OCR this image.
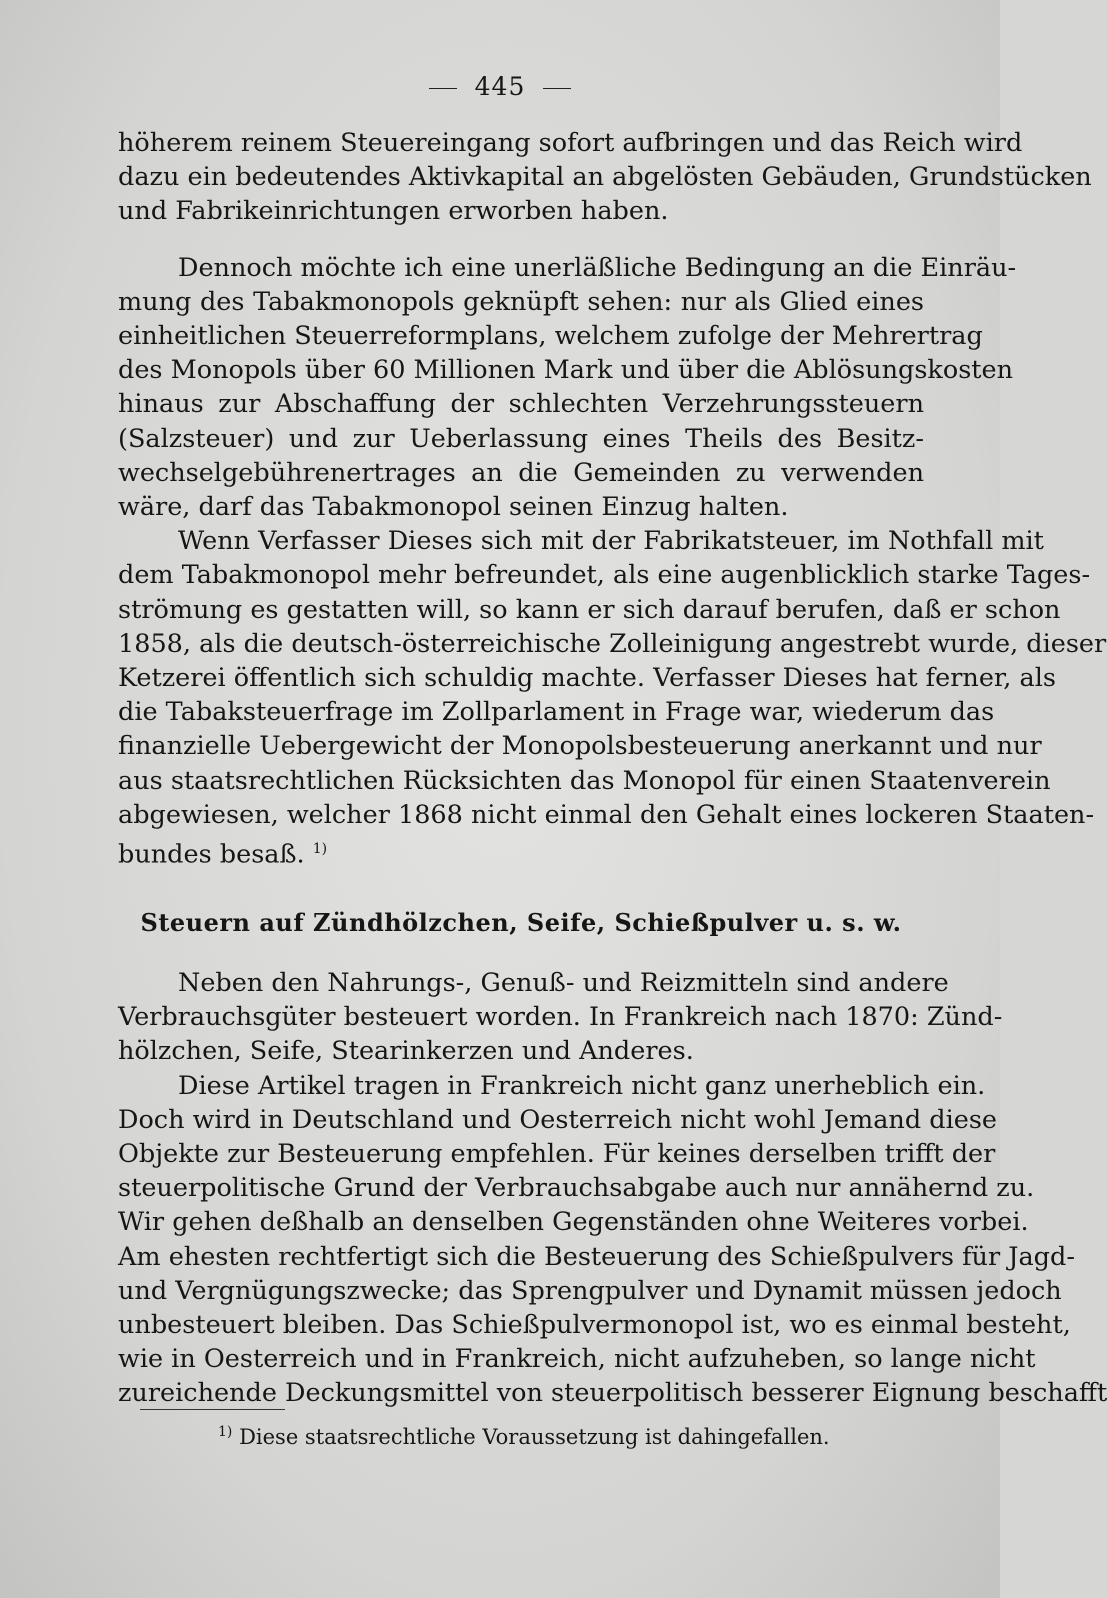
445

höherem reinem Steuereingang sofort aufbringen und das Reich wird
dazu ein bedeutendes Aktivkapital an abgelösten Gebäuden, Grundstücken
und Fabrikeinrichtungen erworben haben.

Dennoch möchte ich eine unerläßliche Bedingung an die Einräu-
mung des Tabakmonopols geknüpft sehen: nur als Glied eines
einheitlichen Steuerreformplans, welchem zufolge der Mehrertrag
des Monopols über 60 Millionen Mark und über die Ablösungskosten
hinaus zur Abschaffung der schlechten Verzehrungssteuern
(Salzsteuer) und zur Ueberlassung eines Theils des Besitz-
wechselgebührenertrages an die Gemeinden zu verwenden
wäre, darf das Tabakmonopol seinen Einzug halten.

Wenn Verfasser Dieses sich mit der Fabrikatsteuer, im Nothfall mit
dem Tabakmonopol mehr befreundet, als eine augenblicklich starke Tages-
strömung es gestatten will, so kann er sich darauf berufen, daß er schon
1858, als die deutsch-österreichische Zolleinigung angestrebt wurde, dieser
Ketzerei öffentlich sich schuldig machte. Verfasser Dieses hat ferner, als
die Tabaksteuerfrage im Zollparlament in Frage war, wiederum das
finanzielle Uebergewicht der Monopolsbesteuerung anerkannt und nur
aus staatsrechtlichen Rücksichten das Monopol für einen Staatenverein
abgewiesen, welcher 1868 nicht einmal den Gehalt eines lockeren Staaten-
bundes besaß. $^{1)}$

Steuern auf Zündhölzchen, Seife, Schießpulver u. s. w.

Neben den Nahrungs-, Genuß- und Reizmitteln sind andere
Verbrauchsgüter besteuert worden. In Frankreich nach 1870: Zünd-
hölzchen, Seife, Stearinkerzen und Anderes.

Diese Artikel tragen in Frankreich nicht ganz unerheblich ein.
Doch wird in Deutschland und Oesterreich nicht wohl Jemand diese
Objekte zur Besteuerung empfehlen. Für keines derselben trifft der
steuerpolitische Grund der Verbrauchsabgabe auch nur annähernd zu.
Wir gehen deßhalb an denselben Gegenständen ohne Weiteres vorbei.
Am ehesten rechtfertigt sich die Besteuerung des Schießpulvers für Jagd-
und Vergnügungszwecke; das Sprengpulver und Dynamit müssen jedoch
unbesteuert bleiben. Das Schießpulvermonopol ist, wo es einmal besteht,
wie in Oesterreich und in Frankreich, nicht aufzuheben, so lange nicht
zureichende Deckungsmittel von steuerpolitisch besserer Eignung beschafft

$^{1)}$ Diese staatsrechtliche Voraussetzung ist dahingefallen.
